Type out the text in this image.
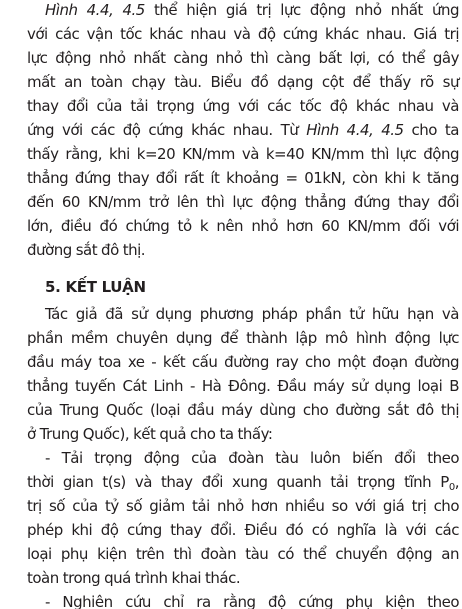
Hình 4.4, 4.5 thể hiện giá trị lực động nhỏ nhất ứng
với các vận tốc khác nhau và độ cứng khác nhau. Giá trị
lực động nhỏ nhất càng nhỏ thì càng bất lợi, có thể gây
mất an toàn chạy tàu. Biểu đồ dạng cột để thấy rõ sự
thay đổi của tải trọng ứng với các tốc độ khác nhau và
ứng với các độ cứng khác nhau. Từ Hình 4.4, 4.5 cho ta
thấy rằng, khi k=20 KN/mm và k=40 KN/mm thì lực động
thẳng đứng thay đổi rất ít khoảng = 01kN, còn khi k tăng
đến 60 KN/mm trở lên thì lực động thẳng đứng thay đổi
lớn, điều đó chứng tỏ k nên nhỏ hơn 60 KN/mm đối với
đường sắt đô thị.
5. KẾT LUẬN
Tác giả đã sử dụng phương pháp phần tử hữu hạn và
phần mềm chuyên dụng để thành lập mô hình động lực
đầu máy toa xe - kết cấu đường ray cho một đoạn đường
thẳng tuyến Cát Linh - Hà Đông. Đầu máy sử dụng loại B
của Trung Quốc (loại đầu máy dùng cho đường sắt đô thị
ở Trung Quốc), kết quả cho ta thấy:
- Tải trọng động của đoàn tàu luôn biến đổi theo
thời gian t(s) và thay đổi xung quanh tải trọng tĩnh $P_0$,
trị số của tỷ số giảm tải nhỏ hơn nhiều so với giá trị cho
phép khi độ cứng thay đổi. Điều đó có nghĩa là với các
loại phụ kiện trên thì đoàn tàu có thể chuyển động an
toàn trong quá trình khai thác.
- Nghiên cứu chỉ ra rằng độ cứng phụ kiện theo
